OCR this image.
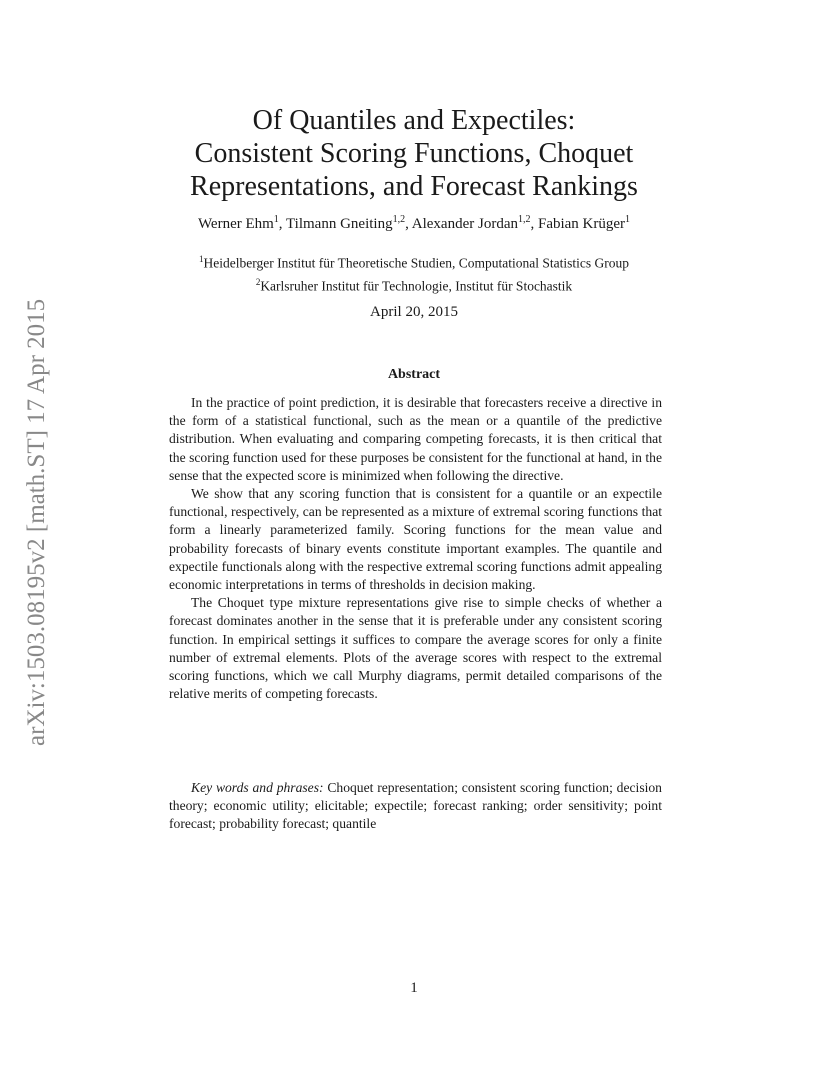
arXiv:1503.08195v2 [math.ST] 17 Apr 2015
Of Quantiles and Expectiles:
Consistent Scoring Functions, Choquet
Representations, and Forecast Rankings
Werner Ehm$^1$, Tilmann Gneiting$^{1,2}$, Alexander Jordan$^{1,2}$, Fabian Krüger$^1$
$^1$Heidelberger Institut für Theoretische Studien, Computational Statistics Group
$^2$Karlsruher Institut für Technologie, Institut für Stochastik
April 20, 2015
Abstract

In the practice of point prediction, it is desirable that forecasters receive a directive in the form of a statistical functional, such as the mean or a quantile of the predictive distribution. When evaluating and comparing competing forecasts, it is then critical that the scoring function used for these purposes be consistent for the functional at hand, in the sense that the expected score is minimized when following the directive.

We show that any scoring function that is consistent for a quantile or an expectile functional, respectively, can be represented as a mixture of extremal scoring functions that form a linearly parameterized family. Scoring functions for the mean value and probability forecasts of binary events constitute important examples. The quantile and expectile functionals along with the respective extremal scoring functions admit appealing economic interpretations in terms of thresholds in decision making.

The Choquet type mixture representations give rise to simple checks of whether a forecast dominates another in the sense that it is preferable under any consistent scoring function. In empirical settings it suffices to compare the average scores for only a finite number of extremal elements. Plots of the average scores with respect to the extremal scoring functions, which we call Murphy diagrams, permit detailed comparisons of the relative merits of competing forecasts.

Key words and phrases: Choquet representation; consistent scoring function; decision theory; economic utility; elicitable; expectile; forecast ranking; order sensitivity; point forecast; probability forecast; quantile
1
